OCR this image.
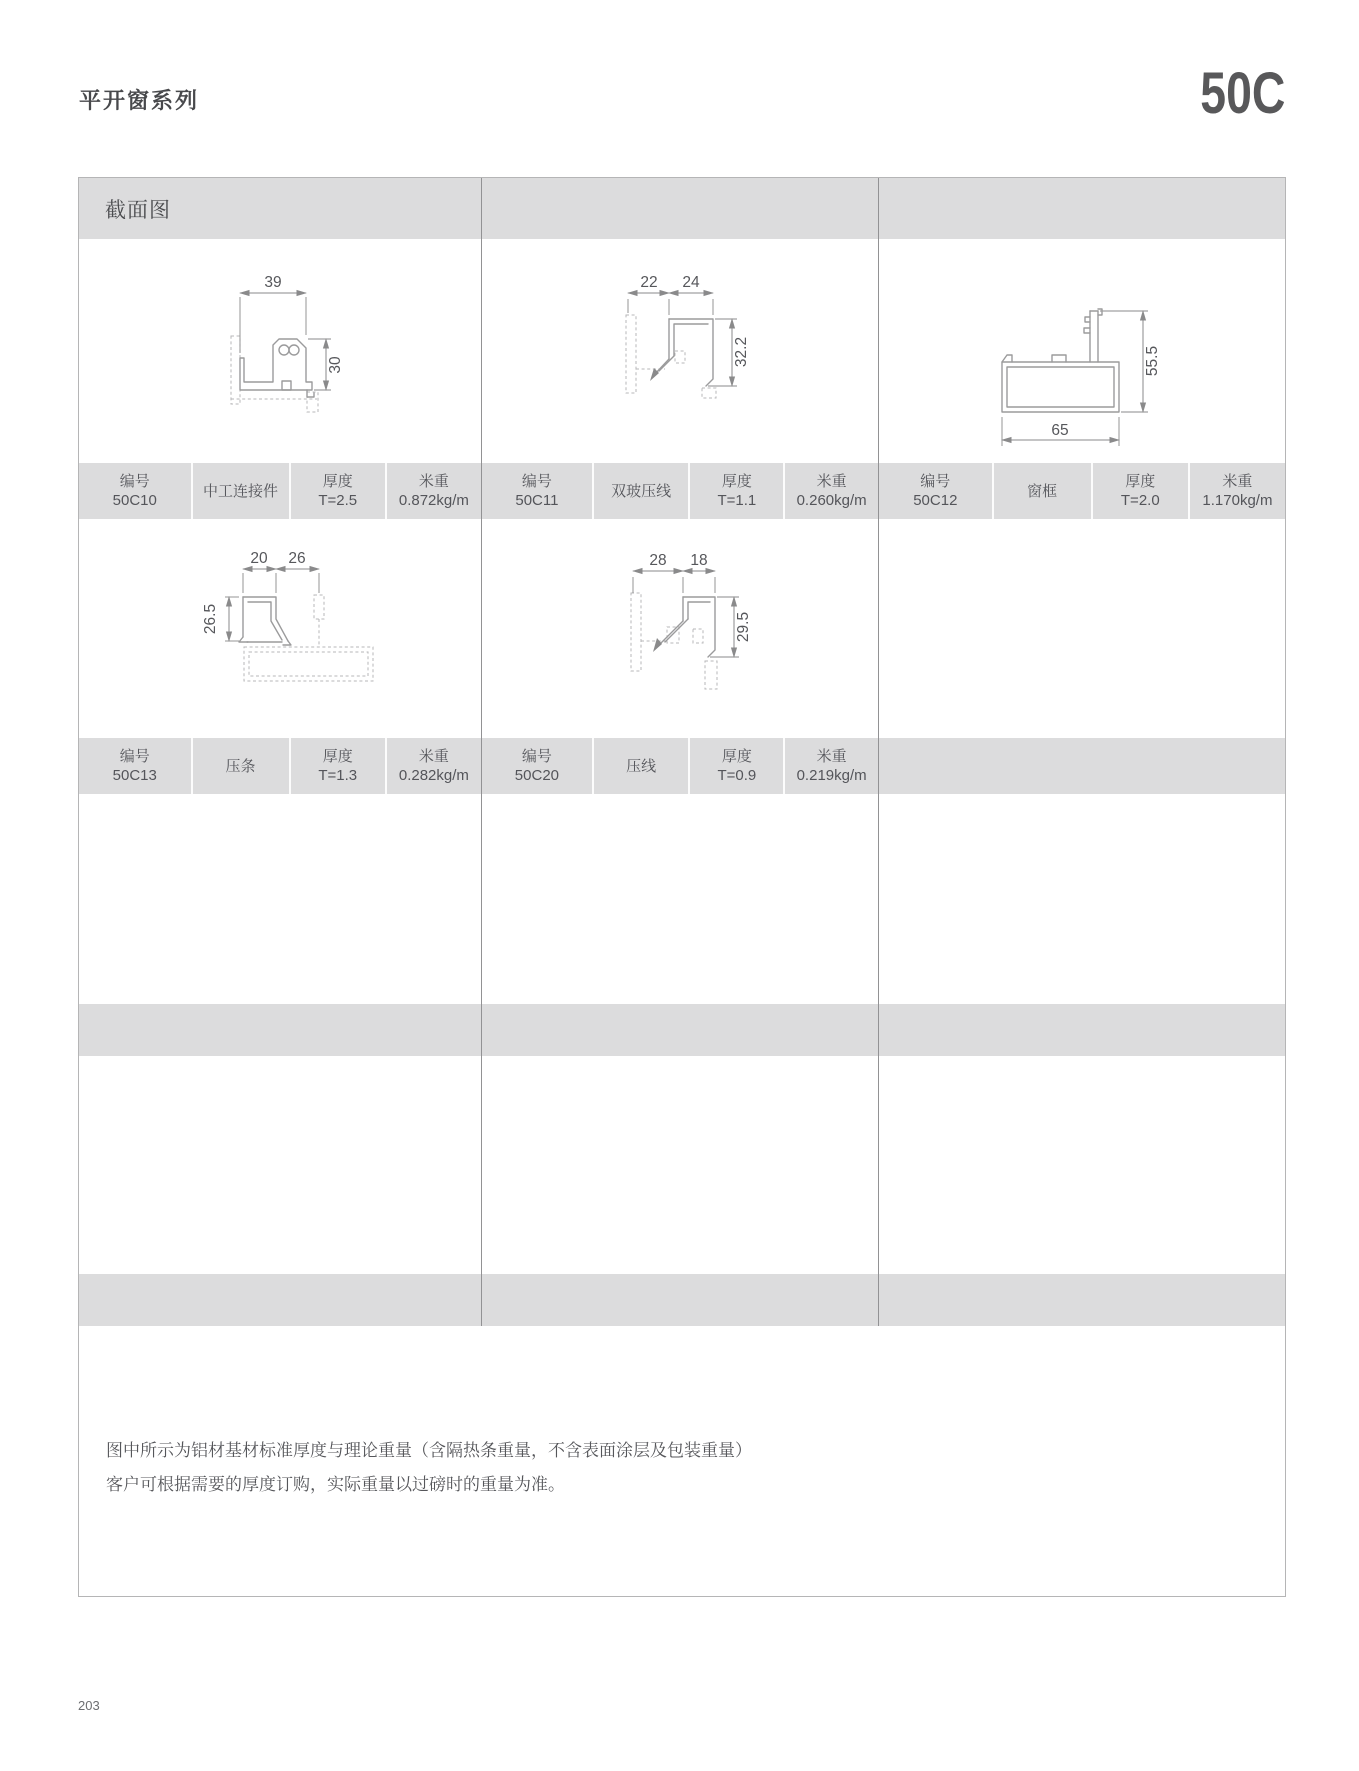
平开窗系列	50C
截面图
39
30
22 24
32.2
65
55.5
编号
50C10
中工连接件
厚度
T=2.5
米重
0.872kg/m
编号
50C11
双玻压线
厚度
T=1.1
米重
0.260kg/m
编号
50C12
窗框
厚度
T=2.0
米重
1.170kg/m
20 26
26.5
28 18
29.5
编号
50C13
压条
厚度
T=1.3
米重
0.282kg/m
编号
50C20
压线
厚度
T=0.9
米重
0.219kg/m
图中所示为铝材基材标准厚度与理论重量（含隔热条重量，不含表面涂层及包装重量）
客户可根据需要的厚度订购，实际重量以过磅时的重量为准。
203
